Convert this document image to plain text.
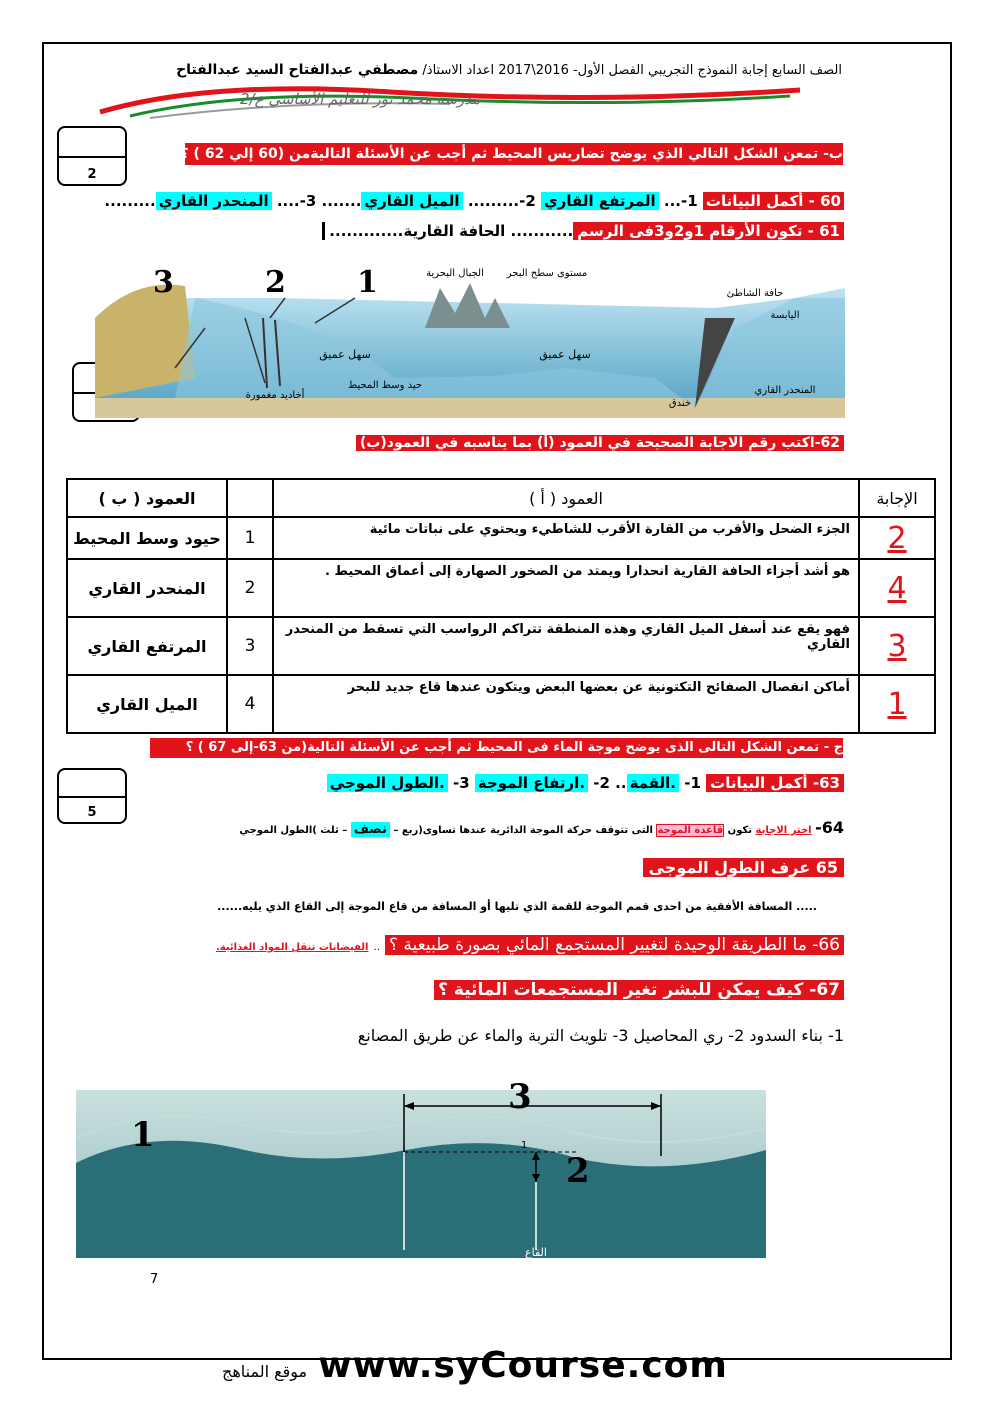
الصف السابع إجابة النموذج التجريبي الفصل الأول- 2016\2017 اعداد الاستاذ/ مصطفي عبدالفتاح السيد عبدالفتاح
مدرسة محمد نور للتعليم الأساسي ع/2
2
5
ب- تمعن الشكل التالي الذي يوضح تضاريس المحيط ثم أجب عن الأسئلة التاليةمن (60 إلي 62 ) ؟
60 - أكمل البيانات 1-... المرتفع القاري 2-......... الميل القاري....... 3-.... المنحدر القاري.........
61 - تكون الأرقام 1و2و3فى الرسم........... الحافة القارية.............
3	2 1	الجبال البحرية مستوى سطح البحر
حافة الشاطئ
اليابسة
سهل عميق	سهل عميق
أخاديد مغمورة
حيد وسط المحيط
خندق
المنحدر القاري
62-اكتب رقم الاجابة الصحيحة في العمود (أ) بما يناسبه في العمود(ب)
الإجابة	العمود ( أ )		العمود ( ب )
2	الجزء الضحل والأقرب من القارة الأقرب للشاطيء ويحتوي على نباتات مائية	1	حيود وسط المحيط
4	هو أشد أجزاء الحافة القارية انحدارا ويمتد من الصخور الصهارة إلى أعماق المحيط .	2	المنحدر القاري
3	فهو يقع عند أسفل الميل القاري وهذه المنطقة تتراكم الرواسب التي تسقط من المنحدر القاري	3	المرتفع القاري
1	أماكن انفصال الصفائح التكتونية عن بعضها البعض ويتكون عندها قاع جديد للبحر	4	الميل القاري
ج - تمعن الشكل التالى الذى يوضح موجة الماء فى المحيط ثم أجب عن الأسئلة التالية(من 63-إلى 67 ) ؟
63- أكمل البيانات 1- .القمة.. 2- .ارتفاع الموجة 3- .الطول الموجي
64- اختر الاجابة تكون قاعدة الموجة التى تتوقف حركة الموجة الدائرية عندها تساوى(ربع – نصف – ثلث )الطول الموجي
65 عرف الطول الموجى
..... المسافة الأفقية من احدى قمم الموجة للقمة الذي تليها أو المسافة من قاع الموجة إلى القاع الذي يليه......
66- ما الطريقة الوحيدة لتغيير المستجمع المائي بصورة طبيعية ؟ .. الفيضانات تنقل المواد الغذائية.
67- كيف يمكن للبشر تغير المستجمعات المائية ؟
1- بناء السدود 2- ري المحاصيل 3- تلويث التربة والماء عن طريق المصانع
1
2
3
1
القاع
7
موقع المناهج www.syCourse.com
